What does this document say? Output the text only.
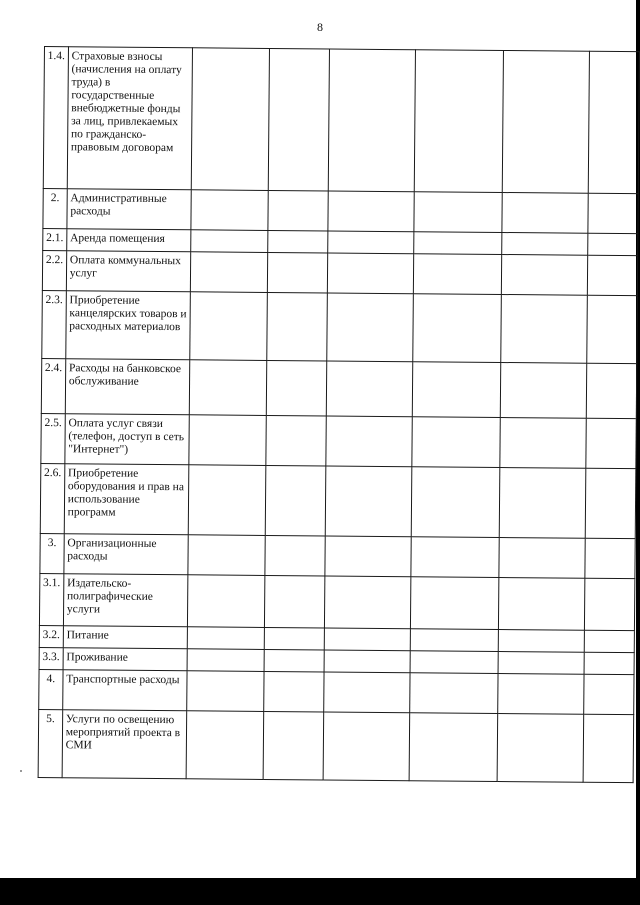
8
1.4.	Страховые взносы (начисления на оплату труда) в государственные внебюджетные фонды за лиц, привлекаемых по гражданско-правовым договорам						
2.	Административные расходы						
2.1.	Аренда помещения						
2.2.	Оплата коммунальных услуг						
2.3.	Приобретение канцелярских товаров и расходных материалов						
2.4.	Расходы на банковское обслуживание						
2.5.	Оплата услуг связи (телефон, доступ в сеть "Интернет")						
2.6.	Приобретение оборудования и прав на использование программ						
3.	Организационные расходы						
3.1.	Издательско-полиграфические услуги						
3.2.	Питание						
3.3.	Проживание						
4.	Транспортные расходы						
5.	Услуги по освещению мероприятий проекта в СМИ						
